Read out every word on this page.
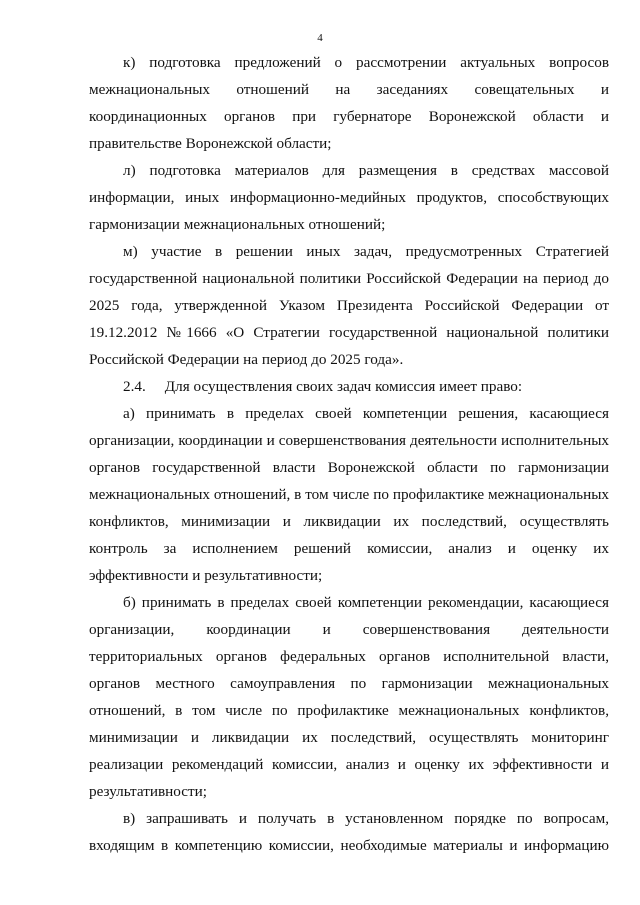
4
к) подготовка предложений о рассмотрении актуальных вопросов
межнациональных отношений на заседаниях совещательных и
координационных органов при губернаторе Воронежской области и
правительстве Воронежской области;
л) подготовка материалов для размещения в средствах массовой
информации, иных информационно-медийных продуктов, способствующих
гармонизации межнациональных отношений;
м) участие в решении иных задач, предусмотренных Стратегией
государственной национальной политики Российской Федерации на период до
2025 года, утвержденной Указом Президента Российской Федерации от
19.12.2012 №1666 «О Стратегии государственной национальной политики
Российской Федерации на период до 2025 года».
2.4.     Для осуществления своих задач комиссия имеет право:
а) принимать в пределах своей компетенции решения, касающиеся
организации, координации и совершенствования деятельности исполнительных
органов государственной власти Воронежской области по гармонизации
межнациональных отношений, в том числе по профилактике межнациональных
конфликтов, минимизации и ликвидации их последствий, осуществлять
контроль за исполнением решений комиссии, анализ и оценку их
эффективности и результативности;
б) принимать в пределах своей компетенции рекомендации, касающиеся
организации, координации и совершенствования деятельности
территориальных органов федеральных органов исполнительной власти,
органов местного самоуправления по гармонизации межнациональных
отношений, в том числе по профилактике межнациональных конфликтов,
минимизации и ликвидации их последствий, осуществлять мониторинг
реализации рекомендаций комиссии, анализ и оценку их эффективности и
результативности;
в) запрашивать и получать в установленном порядке по вопросам,
входящим в компетенцию комиссии, необходимые материалы и информацию
